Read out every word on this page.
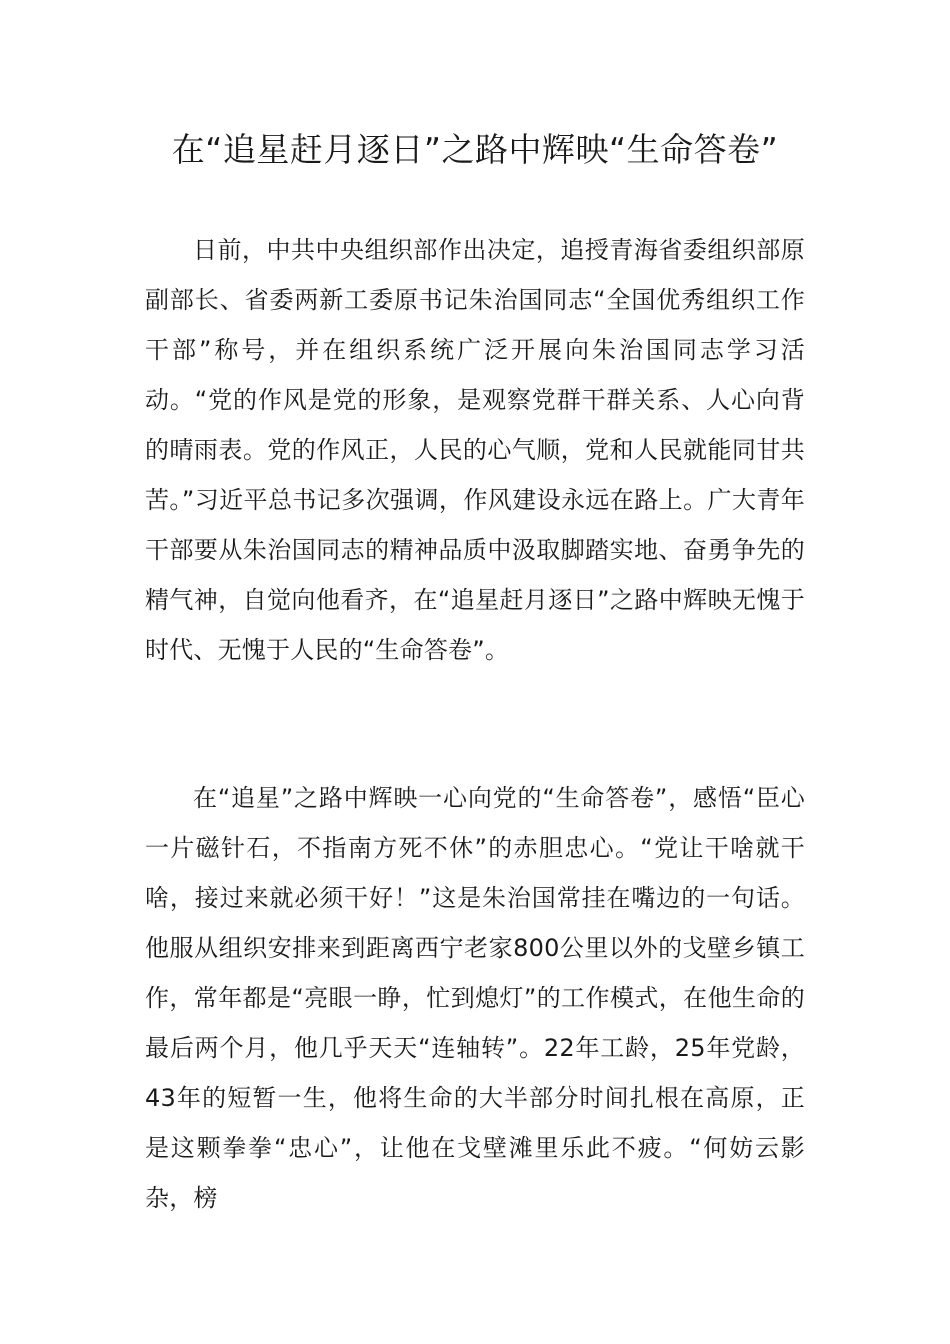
在“追星赶月逐日”之路中辉映“生命答卷”

日前，中共中央组织部作出决定，追授青海省委组织部原副部长、省委两新工委原书记朱治国同志“全国优秀组织工作干部”称号，并在组织系统广泛开展向朱治国同志学习活动。“党的作风是党的形象，是观察党群干群关系、人心向背的晴雨表。党的作风正，人民的心气顺，党和人民就能同甘共苦。”习近平总书记多次强调，作风建设永远在路上。广大青年干部要从朱治国同志的精神品质中汲取脚踏实地、奋勇争先的精气神，自觉向他看齐，在“追星赶月逐日”之路中辉映无愧于时代、无愧于人民的“生命答卷”。

在“追星”之路中辉映一心向党的“生命答卷”，感悟“臣心一片磁针石，不指南方死不休”的赤胆忠心。“党让干啥就干啥，接过来就必须干好！”这是朱治国常挂在嘴边的一句话。他服从组织安排来到距离西宁老家800公里以外的戈壁乡镇工作，常年都是“亮眼一睁，忙到熄灯”的工作模式，在他生命的最后两个月，他几乎天天“连轴转”。22年工龄，25年党龄，43年的短暂一生，他将生命的大半部分时间扎根在高原，正是这颗拳拳“忠心”，让他在戈壁滩里乐此不疲。“何妨云影杂，榜
